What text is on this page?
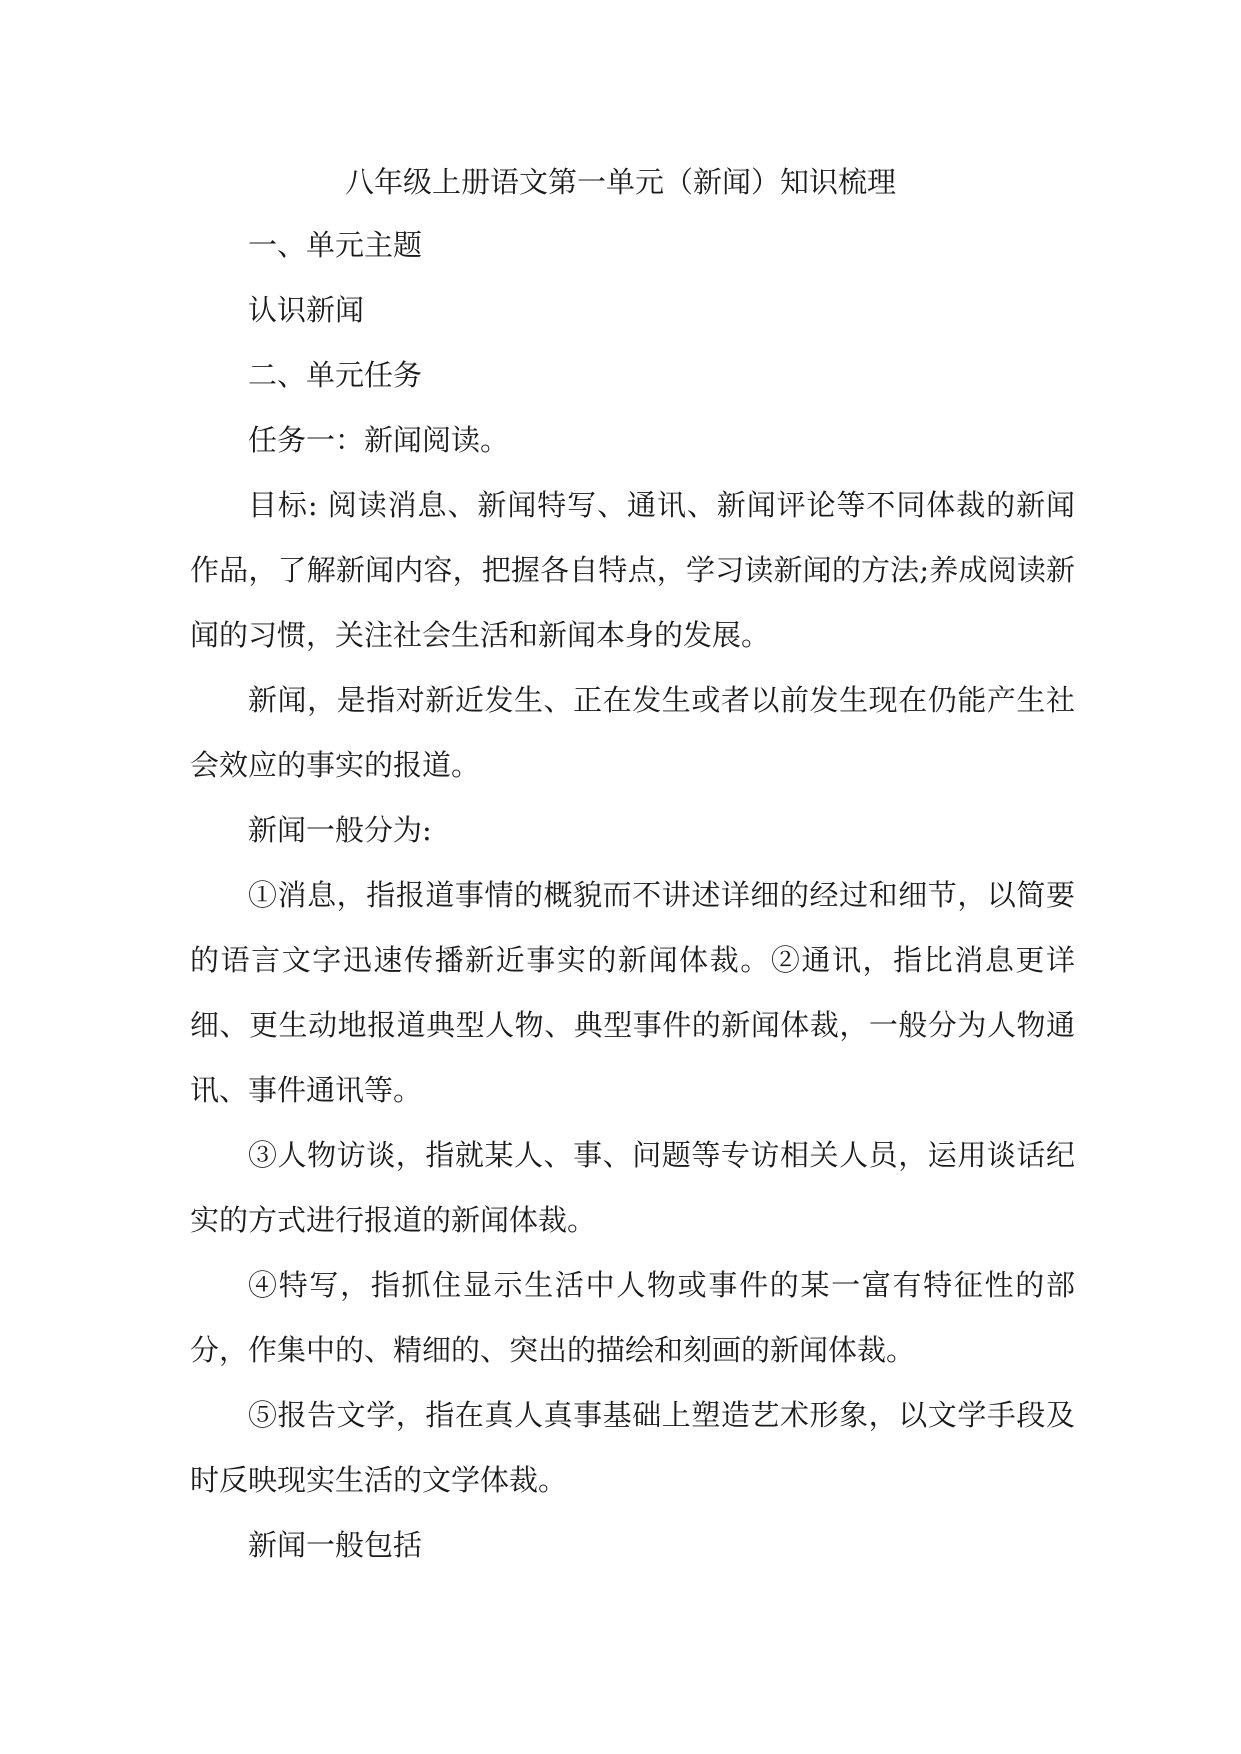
八年级上册语文第一单元（新闻）知识梳理

一、单元主题

认识新闻

二、单元任务

任务一：新闻阅读。

目标: 阅读消息、新闻特写、通讯、新闻评论等不同体裁的新闻作品，了解新闻内容，把握各自特点，学习读新闻的方法;养成阅读新闻的习惯，关注社会生活和新闻本身的发展。

新闻，是指对新近发生、正在发生或者以前发生现在仍能产生社会效应的事实的报道。

新闻一般分为:

①消息，指报道事情的概貌而不讲述详细的经过和细节，以简要的语言文字迅速传播新近事实的新闻体裁。②通讯，指比消息更详细、更生动地报道典型人物、典型事件的新闻体裁，一般分为人物通讯、事件通讯等。

③人物访谈，指就某人、事、问题等专访相关人员，运用谈话纪实的方式进行报道的新闻体裁。

④特写，指抓住显示生活中人物或事件的某一富有特征性的部分，作集中的、精细的、突出的描绘和刻画的新闻体裁。

⑤报告文学，指在真人真事基础上塑造艺术形象，以文学手段及时反映现实生活的文学体裁。

新闻一般包括
